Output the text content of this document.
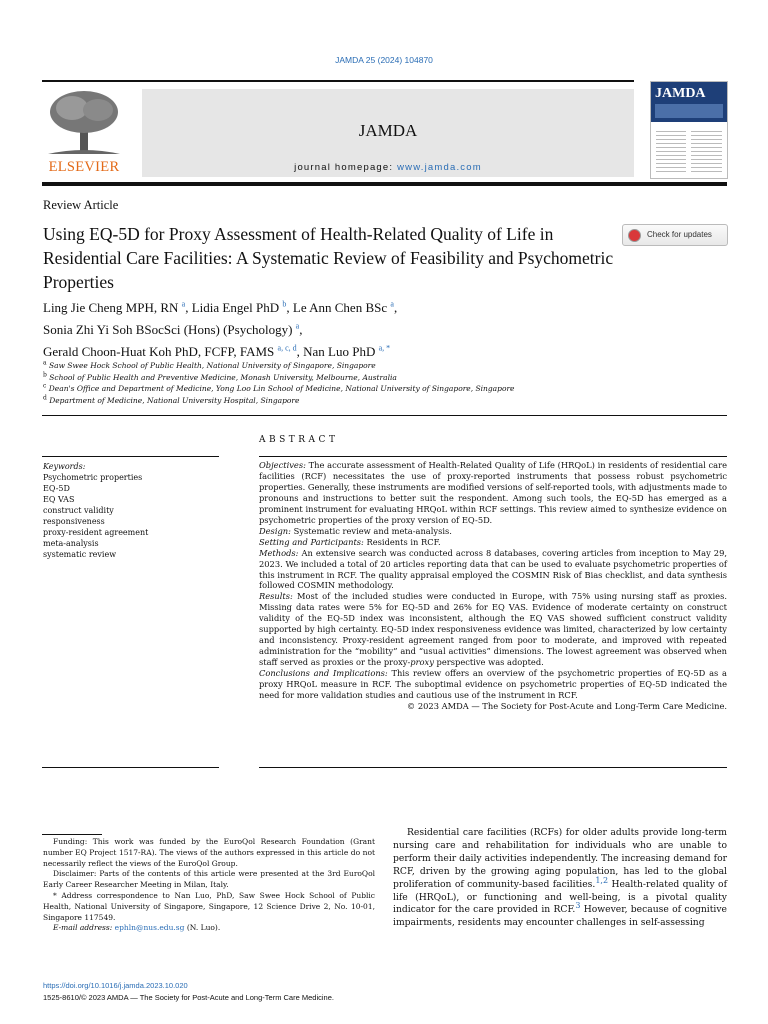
JAMDA 25 (2024) 104870
ELSEVIER
JAMDA
journal homepage: www.jamda.com
JAMDA
Review Article
Using EQ-5D for Proxy Assessment of Health-Related Quality of Life in Residential Care Facilities: A Systematic Review of Feasibility and Psychometric Properties
Check for updates
Ling Jie Cheng MPH, RN $^a$, Lidia Engel PhD $^b$, Le Ann Chen BSc $^a$,
Sonia Zhi Yi Soh BSocSci (Hons) (Psychology) $^a$,
Gerald Choon-Huat Koh PhD, FCFP, FAMS $^{a, c, d}$, Nan Luo PhD $^{a, *}$
$^a$ Saw Swee Hock School of Public Health, National University of Singapore, Singapore
$^b$ School of Public Health and Preventive Medicine, Monash University, Melbourne, Australia
$^c$ Dean's Office and Department of Medicine, Yong Loo Lin School of Medicine, National University of Singapore, Singapore
$^d$ Department of Medicine, National University Hospital, Singapore
ABSTRACT
Keywords:
Psychometric properties
EQ-5D
EQ VAS
construct validity
responsiveness
proxy-resident agreement
meta-analysis
systematic review

Objectives: The accurate assessment of Health-Related Quality of Life (HRQoL) in residents of residential care facilities (RCF) necessitates the use of proxy-reported instruments that possess robust psychometric properties. Generally, these instruments are modified versions of self-reported tools, with adjustments made to pronouns and instructions to better suit the respondent. Among such tools, the EQ-5D has emerged as a prominent instrument for evaluating HRQoL within RCF settings. This review aimed to synthesize evidence on psychometric properties of the proxy version of EQ-5D.

Design: Systematic review and meta-analysis.

Setting and Participants: Residents in RCF.

Methods: An extensive search was conducted across 8 databases, covering articles from inception to May 29, 2023. We included a total of 20 articles reporting data that can be used to evaluate psychometric properties of this instrument in RCF. The quality appraisal employed the COSMIN Risk of Bias checklist, and data synthesis followed COSMIN methodology.

Results: Most of the included studies were conducted in Europe, with 75% using nursing staff as proxies. Missing data rates were 5% for EQ-5D and 26% for EQ VAS. Evidence of moderate certainty on construct validity of the EQ-5D index was inconsistent, although the EQ VAS showed sufficient construct validity supported by high certainty. EQ-5D index responsiveness evidence was limited, characterized by low certainty and inconsistency. Proxy-resident agreement ranged from poor to moderate, and improved with repeated administration for the “mobility” and “usual activities” dimensions. The lowest agreement was observed when staff served as proxies or the proxy-proxy perspective was adopted.

Conclusions and Implications: This review offers an overview of the psychometric properties of EQ-5D as a proxy HRQoL measure in RCF. The suboptimal evidence on psychometric properties of EQ-5D indicated the need for more validation studies and cautious use of the instrument in RCF.

© 2023 AMDA — The Society for Post-Acute and Long-Term Care Medicine.

Funding: This work was funded by the EuroQol Research Foundation (Grant number EQ Project 1517-RA). The views of the authors expressed in this article do not necessarily reflect the views of the EuroQol Group.

Disclaimer: Parts of the contents of this article were presented at the 3rd EuroQol Early Career Researcher Meeting in Milan, Italy.

* Address correspondence to Nan Luo, PhD, Saw Swee Hock School of Public Health, National University of Singapore, Singapore, 12 Science Drive 2, No. 10-01, Singapore 117549.

E-mail address: ephln@nus.edu.sg (N. Luo).

Residential care facilities (RCFs) for older adults provide long-term nursing care and rehabilitation for individuals who are unable to perform their daily activities independently. The increasing demand for RCF, driven by the growing aging population, has led to the global proliferation of community-based facilities.$^{1,2}$ Health-related quality of life (HRQoL), or functioning and well-being, is a pivotal quality indicator for the care provided in RCF.$^3$ However, because of cognitive impairments, residents may encounter challenges in self-assessing

https://doi.org/10.1016/j.jamda.2023.10.020
1525-8610/© 2023 AMDA — The Society for Post-Acute and Long-Term Care Medicine.
